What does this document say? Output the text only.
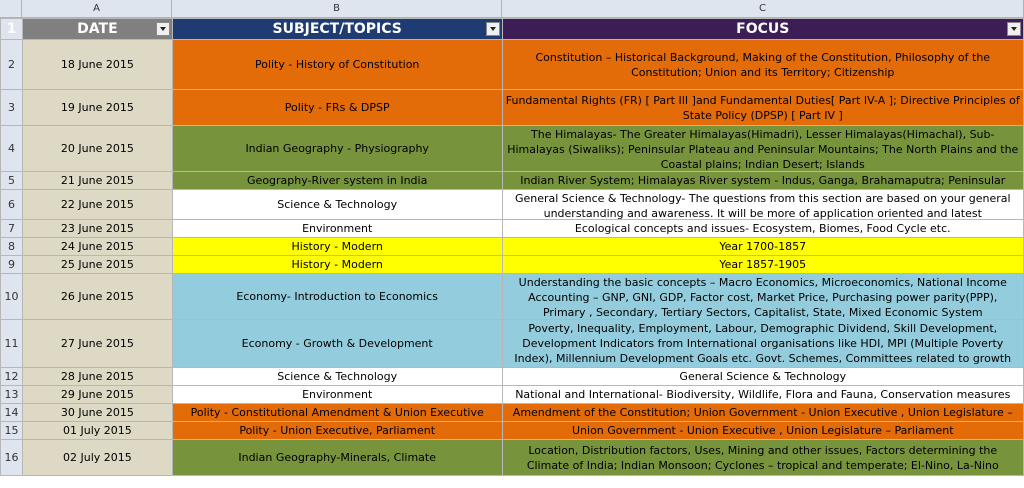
A	B	C
1	DATE	SUBJECT/TOPICS	FOCUS

2	18 June 2015	Polity - History of Constitution	Constitution – Historical Background, Making of the Constitution, Philosophy of the Constitution; Union and its Territory; Citizenship

3	19 June 2015	Polity - FRs & DPSP	Fundamental Rights (FR) [ Part III ]and Fundamental Duties[ Part IV-A ]; Directive Principles of State Policy (DPSP) [ Part IV ]

4	20 June 2015	Indian Geography - Physiography	The Himalayas- The Greater Himalayas(Himadri), Lesser Himalayas(Himachal), Sub-Himalayas (Siwaliks); Peninsular Plateau and Peninsular Mountains; The North Plains and the Coastal plains; Indian Desert; Islands

5	21 June 2015	Geography-River system in India	Indian River System; Himalayas River system - Indus, Ganga, Brahamaputra; Peninsular

6	22 June 2015	Science & Technology	General Science & Technology- The questions from this section are based on your general understanding and awareness. It will be more of application oriented and latest

7	23 June 2015	Environment	Ecological concepts and issues- Ecosystem, Biomes, Food Cycle etc.

8	24 June 2015	History - Modern	Year 1700-1857

9	25 June 2015	History - Modern	Year 1857-1905

10	26 June 2015	Economy- Introduction to Economics	Understanding the basic concepts – Macro Economics, Microeconomics, National Income Accounting – GNP, GNI, GDP, Factor cost, Market Price, Purchasing power parity(PPP), Primary , Secondary, Tertiary Sectors, Capitalist, State, Mixed Economic System

11	27 June 2015	Economy - Growth & Development	Poverty, Inequality, Employment, Labour, Demographic Dividend, Skill Development, Development Indicators from International organisations like HDI, MPI (Multiple Poverty Index), Millennium Development Goals etc. Govt. Schemes, Committees related to growth

12	28 June 2015	Science & Technology	General Science & Technology

13	29 June 2015	Environment	National and International- Biodiversity, Wildlife, Flora and Fauna, Conservation measures

14	30 June 2015	Polity - Constitutional Amendment & Union Executive	Amendment of the Constitution; Union Government - Union Executive , Union Legislature –

15	01 July 2015	Polity - Union Executive, Parliament	Union Government - Union Executive , Union Legislature – Parliament

16	02 July 2015	Indian Geography-Minerals, Climate	Location, Distribution factors, Uses, Mining and other issues, Factors determining the Climate of India; Indian Monsoon; Cyclones – tropical and temperate; El-Nino, La-Nino
